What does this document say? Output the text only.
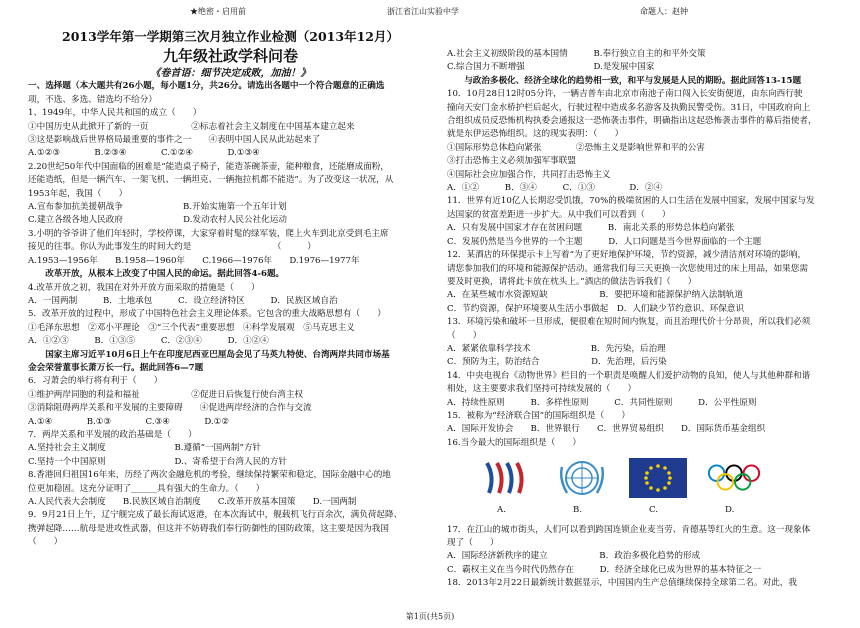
★绝密・启用前	浙江省江山实验中学	命题人：赵钟

2013学年第一学期第三次月独立作业检测（2013年12月）

九年级社政学科问卷

《卷首语：细节决定成败，加油！》

一、选择题（本大题共有26小题，每小题1分，共26分。请选出各题中一个符合题意的正确选

项，不选、多选、错选均不给分）

1、1949年，中华人民共和国的成立（　　）

①中国历史从此掀开了新的一页　　　　　②标志着社会主义制度在中国基本建立起来

③这是影响战后世界格局最重要的事件之一　　④表明中国人民从此站起来了

A.①②③　　　　B.②③④　　　　C.①②④　　　　D.①③④

2.20世纪50年代中国面临的困难是“能造桌子椅子，能造茶碗茶壶，能种粮食，还能磨成面粉，

还能造纸，但是一辆汽车、一架飞机、一辆坦克、一辆拖拉机都不能造”。为了改变这一状况，从

1953年起，我国（　　）

A.宣布参加抗美援朝战争　　　　　　　B.开始实施第一个五年计划

C.建立各级各地人民政府　　　　　　　D.发动农村人民公社化运动

3.小明的爷爷讲了他们年轻时，学校停课，大家穿着时髦的绿军装，爬上火车到北京受到毛主席

接见的往事。你认为此事发生的时间大约是　　　　　　　　　　（　　　）

A.1953—1956年　　B.1958—1960年　　C.1966—1976年　　D.1976—1977年

　　改革开放，从根本上改变了中国人民的命运。据此回答4-6题。

4.改革开放之初，我国在对外开放方面采取的措施是（　　）

A．一国两制　　　B．土地承包　　　C．设立经济特区　　　D．民族区域自治

5．改革开放的过程中，形成了中国特色社会主义理论体系。它包含的重大战略思想有（　　）

①毛泽东思想　②邓小平理论　③“三个代表”重要思想　④科学发展观　⑤马克思主义

A．①②③　　　B．①③⑤　　　C．②③④　　　D．①②④

　　国家主席习近平10月6日上午在印度尼西亚巴厘岛会见了马英九特使、台湾两岸共同市场基

金会荣誉董事长萧万长一行。据此回答6—7题

6．习萧会的举行将有利于（　　）

①维护两岸同胞的利益和福祉　　　　　　②促进日后恢复行使台湾主权

③消除阻碍两岸关系和平发展的主要障碍　　④促进两岸经济的合作与交流

A.①④　　　　B.①③　　　　C.③④　　　　D.①②

7．两岸关系和平发展的政治基础是（　　）

A.坚持社会主义制度　　　　　　　　B.遵循“一国两制”方针

C.坚持一个中国原则　　　　　　　　D.、寄希望于台湾人民的方针

8.香港回归祖国16年来，历经了两次金融危机的考验，继续保持繁荣和稳定，国际金融中心的地

位更加稳固。这充分证明了______具有强大的生命力。（　　）

A.人民代表大会制度　　B.民族区域自治制度　　C.改革开放基本国策　　D.一国两制

9．9月21日上午，辽宁舰完成了最长海试返港，在本次海试中，舰载机飞行百余次，满负荷起降、

携弹起降……航母是进攻性武器，但这并不妨碍我们奉行防御性的国防政策，这主要是因为我国

（　　）

A.社会主义初级阶段的基本国情　　　B.奉行独立自主的和平外交策

C.综合国力不断增强　　　　　　　　D.是发展中国家

　　与政治多极化、经济全球化的趋势相一致，和平与发展是人民的期盼。据此回答13-15题

10．10月28日12时05分许，一辆吉普车由北京市南池子南口闯入长安街便道，由东向西行驶

撞向天安门金水桥护栏后起火，行驶过程中造成多名游客及执勤民警受伤。31日，中国政府向上

合组织成员反恐怖机构执委会通报这一恐怖袭击事件，明确指出这起恐怖袭击事件的幕后指使者，

就是东伊运恐怖组织。这的现实表明：（　　）

①国际形势总体趋向紧张　　　　②恐怖主义是影响世界和平的公害

③打击恐怖主义必须加强军事联盟

④国际社会应加强合作，共同打击恐怖主义

A．①②　　　B．③④　　　C．①③　　　　D．②④

11．世界有近10亿人长期忍受饥饿，70%的极端贫困的人口生活在发展中国家，发展中国家与发

达国家的贫富差距进一步扩大。从中我们可以看到（　　）

A．只有发展中国家才存在贫困问题　　　B．南北关系的形势总体趋向紧张

C．发展仍然是当今世界的一个主题　　　D．人口问题是当今世界面临的一个主题

12．某酒店的环保提示卡上写着“为了更好地保护环境，节约资源，减少清洁剂对环境的影响，

请您参加我们的环境和能源保护活动。通常我们每三天更换一次您使用过的床上用品，如果您需

要及时更换，请将此卡放在枕头上。”酒店的做法告诉我们（　　）

A．在某些城市水资源短缺　　　　　　B．要把环境和能源保护纳入法制轨道

C．节约资源，保护环境要从生活小事做起　D．人们缺少节约意识、环保意识

13．环境污染和破坏一旦形成，便很难在短时间内恢复，而且治理代价十分昂贵，所以我们必须

（　　）

A．紧紧依靠科学技术　　　　　　　B．先污染，后治理

C．预防为主，防治结合　　　　　　D．先治理，后污染

14．中央电视台《动物世界》栏目的一个职责是唤醒人们爱护动物的良知，使人与其他种群和谐

相处，这主要要求我们坚持可持续发展的（　　）

A．持续性原则　　　B．多样性原则　　　C．共同性原则　　　D．公平性原则

15．被称为“经济联合国”的国际组织是（　　）

A．国际开发协会　　B．世界银行　　C．世界贸易组织　　D．国际货币基金组织

16.当今最大的国际组织是（　　）

A.	B.	C.	D.

17．在江山的城市街头，人们可以看到跨国连锁企业麦当劳、肯德基等红火的生意。这一现象体

现了（　　）

A．国际经济新秩序的建立　　　　　　B．政治多极化趋势的形成

C．霸权主义在当今时代仍然存在　　　D．经济全球化已成为世界的基本特征之一

18．2013年2月22日最新统计数据显示，中国国内生产总值继续保持全球第二名。对此，我

第1页(共5页)
